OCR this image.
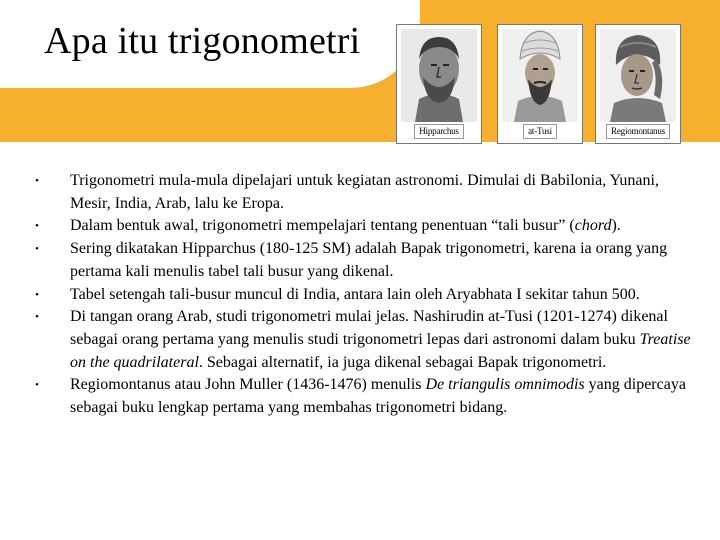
Apa itu trigonometri
Hipparchus	at-Tusi	Regiomontanus
• Trigonometri mula-mula dipelajari untuk kegiatan astronomi. Dimulai di Babilonia, Yunani, Mesir, India, Arab, lalu ke Eropa.
• Dalam bentuk awal, trigonometri mempelajari tentang penentuan “tali busur” (chord).
• Sering dikatakan Hipparchus (180-125 SM) adalah Bapak trigonometri, karena ia orang yang pertama kali menulis tabel tali busur yang dikenal.
• Tabel setengah tali-busur muncul di India, antara lain oleh Aryabhata I sekitar tahun 500.
• Di tangan orang Arab, studi trigonometri mulai jelas. Nashirudin at-Tusi (1201-1274) dikenal sebagai orang pertama yang menulis studi trigonometri lepas dari astronomi dalam buku Treatise on the quadrilateral. Sebagai alternatif, ia juga dikenal sebagai Bapak trigonometri.
• Regiomontanus atau John Muller (1436-1476) menulis De triangulis omnimodis yang dipercaya sebagai buku lengkap pertama yang membahas trigonometri bidang.
